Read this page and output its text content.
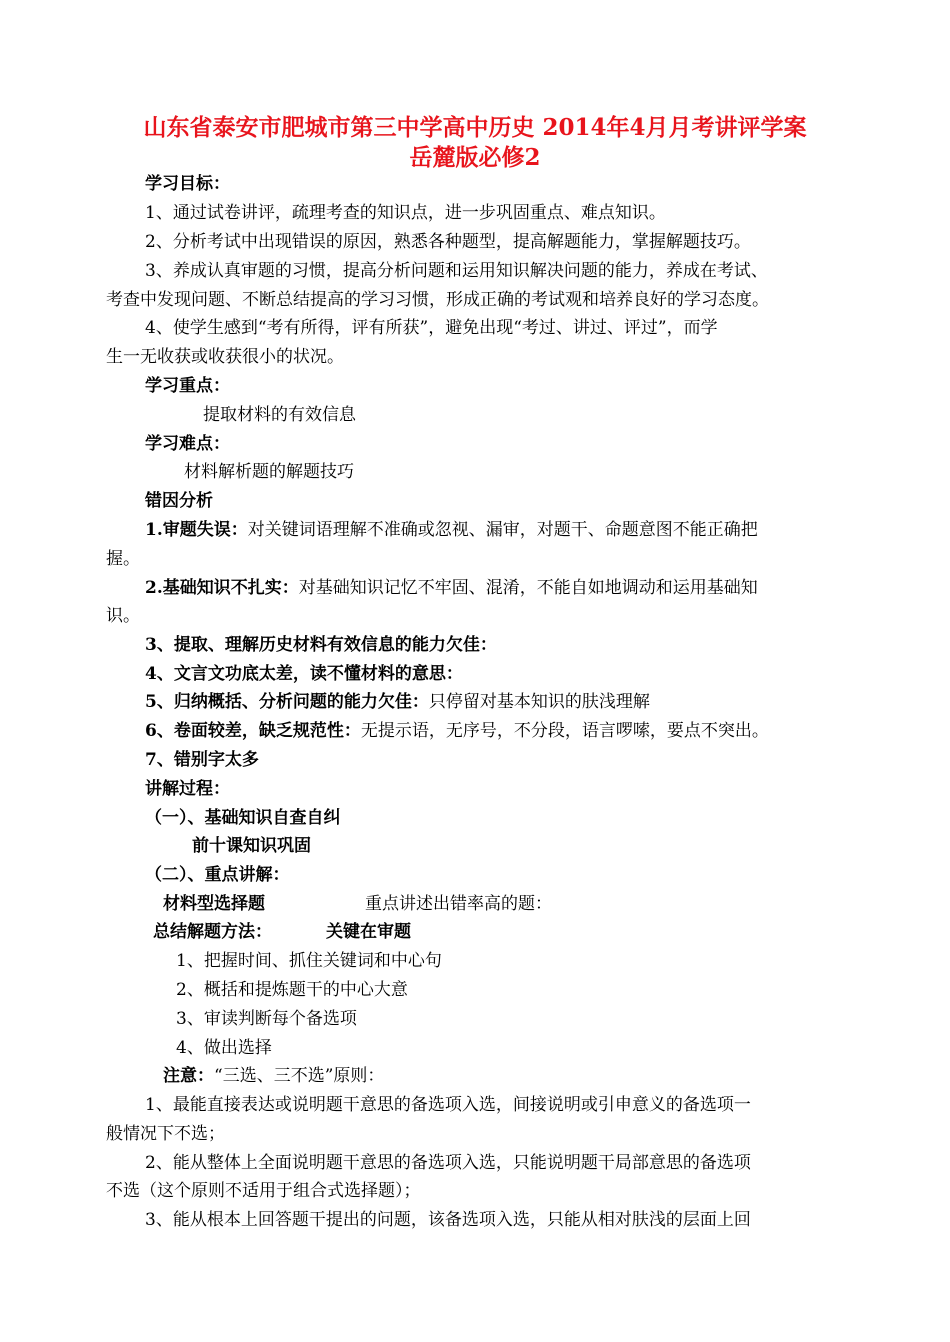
山东省泰安市肥城市第三中学高中历史 2014年4月月考讲评学案
岳麓版必修2
学习目标：
1、通过试卷讲评，疏理考查的知识点，进一步巩固重点、难点知识。
2、分析考试中出现错误的原因，熟悉各种题型，提高解题能力，掌握解题技巧。
3、养成认真审题的习惯，提高分析问题和运用知识解决问题的能力，养成在考试、
考查中发现问题、不断总结提高的学习习惯，形成正确的考试观和培养良好的学习态度。
4、使学生感到“考有所得，评有所获”，避免出现“考过、讲过、评过”，而学
生一无收获或收获很小的状况。
学习重点：
提取材料的有效信息
学习难点：
材料解析题的解题技巧
错因分析
1.审题失误：对关键词语理解不准确或忽视、漏审，对题干、命题意图不能正确把
握。
2.基础知识不扎实：对基础知识记忆不牢固、混淆，不能自如地调动和运用基础知
识。
3、提取、理解历史材料有效信息的能力欠佳：
4、文言文功底太差，读不懂材料的意思：
5、归纳概括、分析问题的能力欠佳：只停留对基本知识的肤浅理解
6、卷面较差，缺乏规范性：无提示语，无序号，不分段，语言啰嗦，要点不突出。
7、错别字太多
讲解过程：
（一）、基础知识自查自纠
前十课知识巩固
（二）、重点讲解：
材料型选择题	重点讲述出错率高的题：
总结解题方法：	关键在审题
1、把握时间、抓住关键词和中心句
2、概括和提炼题干的中心大意
3、审读判断每个备选项
4、做出选择
注意：“三选、三不选”原则：
1、最能直接表达或说明题干意思的备选项入选，间接说明或引申意义的备选项一
般情况下不选；
2、能从整体上全面说明题干意思的备选项入选，只能说明题干局部意思的备选项
不选（这个原则不适用于组合式选择题）；
3、能从根本上回答题干提出的问题，该备选项入选，只能从相对肤浅的层面上回
